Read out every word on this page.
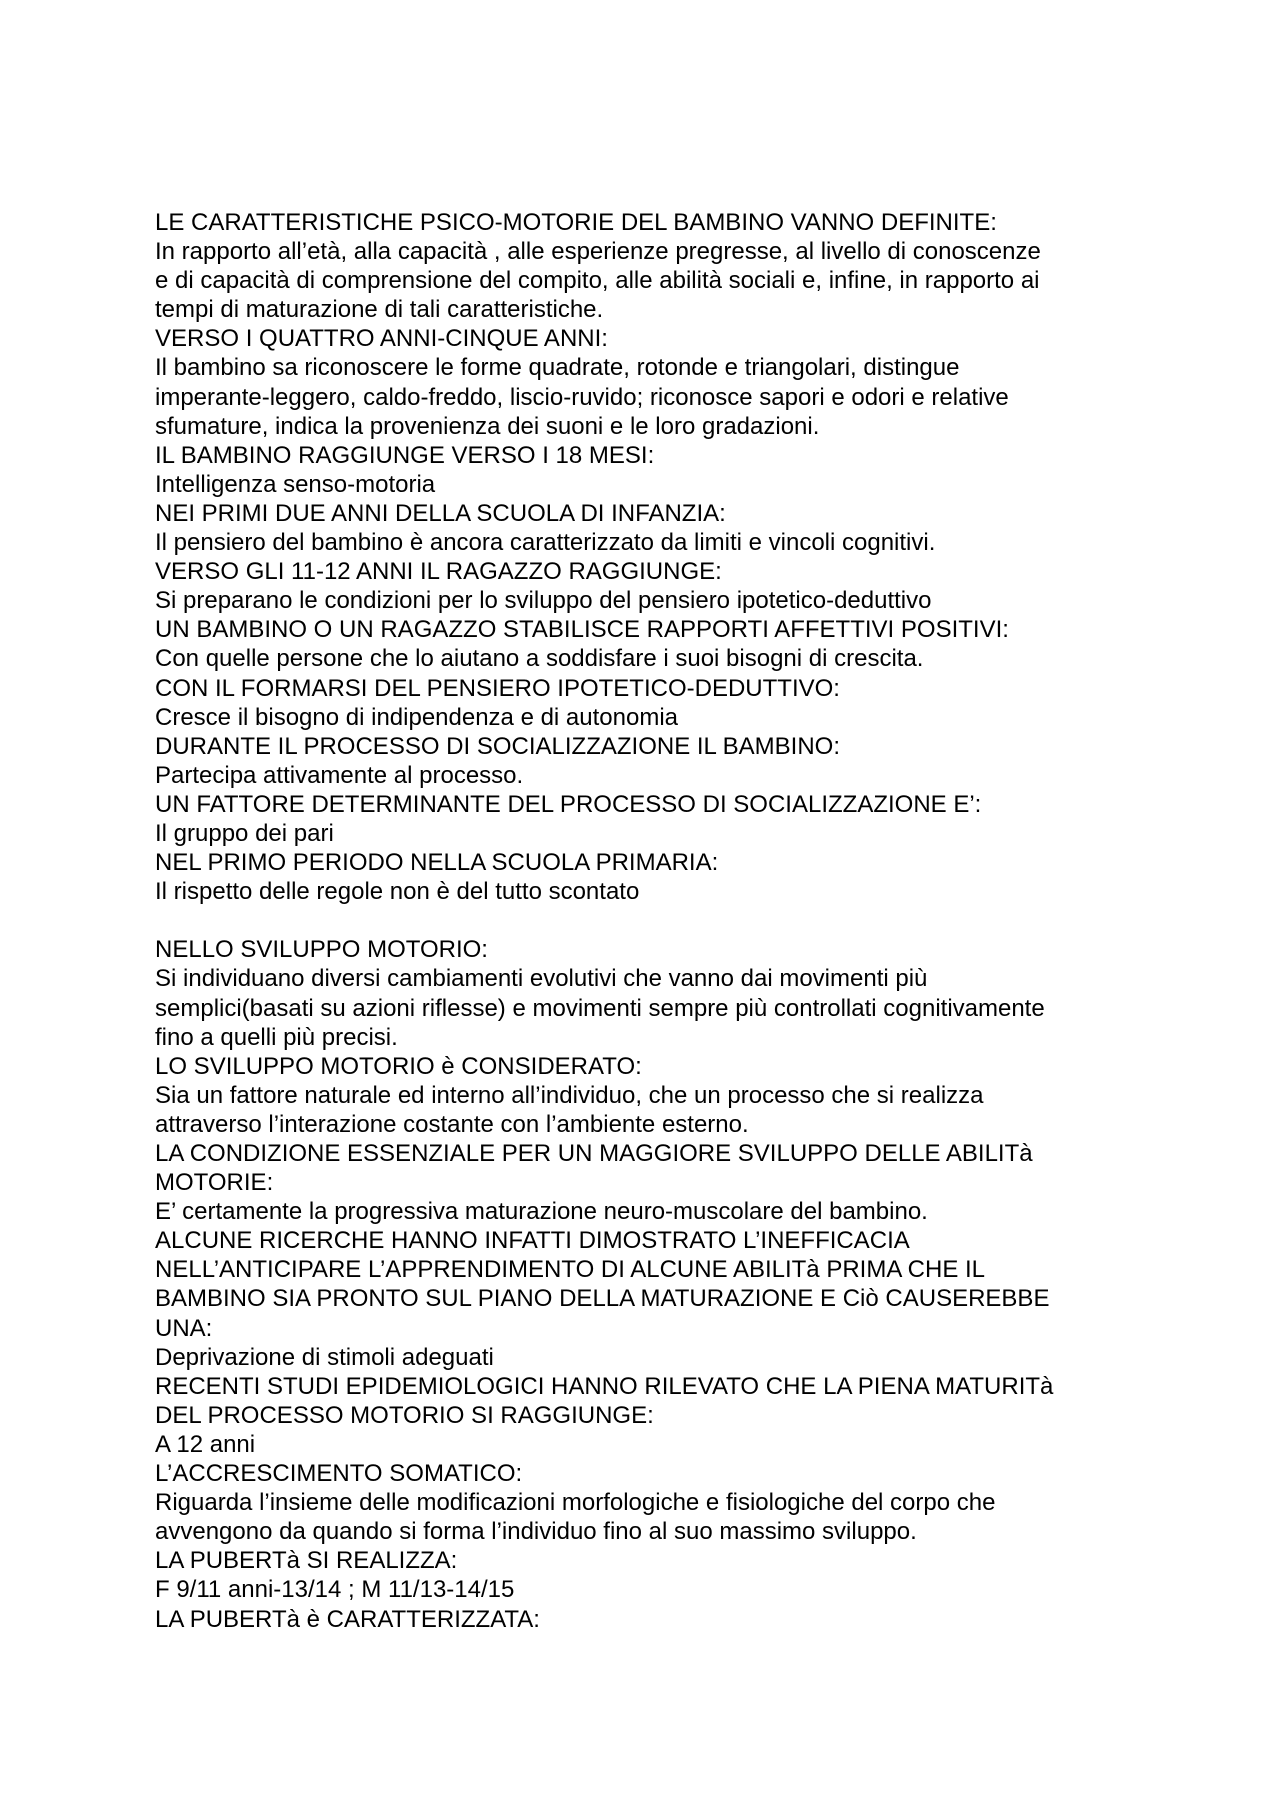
LE CARATTERISTICHE PSICO-MOTORIE DEL BAMBINO VANNO DEFINITE:
In rapporto all’età, alla capacità , alle esperienze pregresse, al livello di conoscenze
e di capacità di comprensione del compito, alle abilità sociali e, infine, in rapporto ai
tempi di maturazione di tali caratteristiche.
VERSO I QUATTRO ANNI-CINQUE ANNI:
Il bambino sa riconoscere le forme quadrate, rotonde e triangolari, distingue
imperante-leggero, caldo-freddo, liscio-ruvido; riconosce sapori e odori e relative
sfumature, indica la provenienza dei suoni e le loro gradazioni.
IL BAMBINO RAGGIUNGE VERSO I 18 MESI:
Intelligenza senso-motoria
NEI PRIMI DUE ANNI DELLA SCUOLA DI INFANZIA:
Il pensiero del bambino è ancora caratterizzato da limiti e vincoli cognitivi.
VERSO GLI 11-12 ANNI IL RAGAZZO RAGGIUNGE:
Si preparano le condizioni per lo sviluppo del pensiero ipotetico-deduttivo
UN BAMBINO O UN RAGAZZO STABILISCE RAPPORTI AFFETTIVI POSITIVI:
Con quelle persone che lo aiutano a soddisfare i suoi bisogni di crescita.
CON IL FORMARSI DEL PENSIERO IPOTETICO-DEDUTTIVO:
Cresce il bisogno di indipendenza e di autonomia
DURANTE IL PROCESSO DI SOCIALIZZAZIONE IL BAMBINO:
Partecipa attivamente al processo.
UN FATTORE DETERMINANTE DEL PROCESSO DI SOCIALIZZAZIONE E’:
Il gruppo dei pari
NEL PRIMO PERIODO NELLA SCUOLA PRIMARIA:
Il rispetto delle regole non è del tutto scontato
NELLO SVILUPPO MOTORIO:
Si individuano diversi cambiamenti evolutivi che vanno dai movimenti più
semplici(basati su azioni riflesse) e movimenti sempre più controllati cognitivamente
fino a quelli più precisi.
LO SVILUPPO MOTORIO è CONSIDERATO:
Sia un fattore naturale ed interno all’individuo, che un processo che si realizza
attraverso l’interazione costante con l’ambiente esterno.
LA CONDIZIONE ESSENZIALE PER UN MAGGIORE SVILUPPO DELLE ABILITà
MOTORIE:
E’ certamente la progressiva maturazione neuro-muscolare del bambino.
ALCUNE RICERCHE HANNO INFATTI DIMOSTRATO L’INEFFICACIA
NELL’ANTICIPARE L’APPRENDIMENTO DI ALCUNE ABILITà PRIMA CHE IL
BAMBINO SIA PRONTO SUL PIANO DELLA MATURAZIONE E Ciò CAUSEREBBE
UNA:
Deprivazione di stimoli adeguati
RECENTI STUDI EPIDEMIOLOGICI HANNO RILEVATO CHE LA PIENA MATURITà
DEL PROCESSO MOTORIO SI RAGGIUNGE:
A 12 anni
L’ACCRESCIMENTO SOMATICO:
Riguarda l’insieme delle modificazioni morfologiche e fisiologiche del corpo che
avvengono da quando si forma l’individuo fino al suo massimo sviluppo.
LA PUBERTà SI REALIZZA:
F 9/11 anni-13/14 ; M 11/13-14/15
LA PUBERTà è CARATTERIZZATA:
